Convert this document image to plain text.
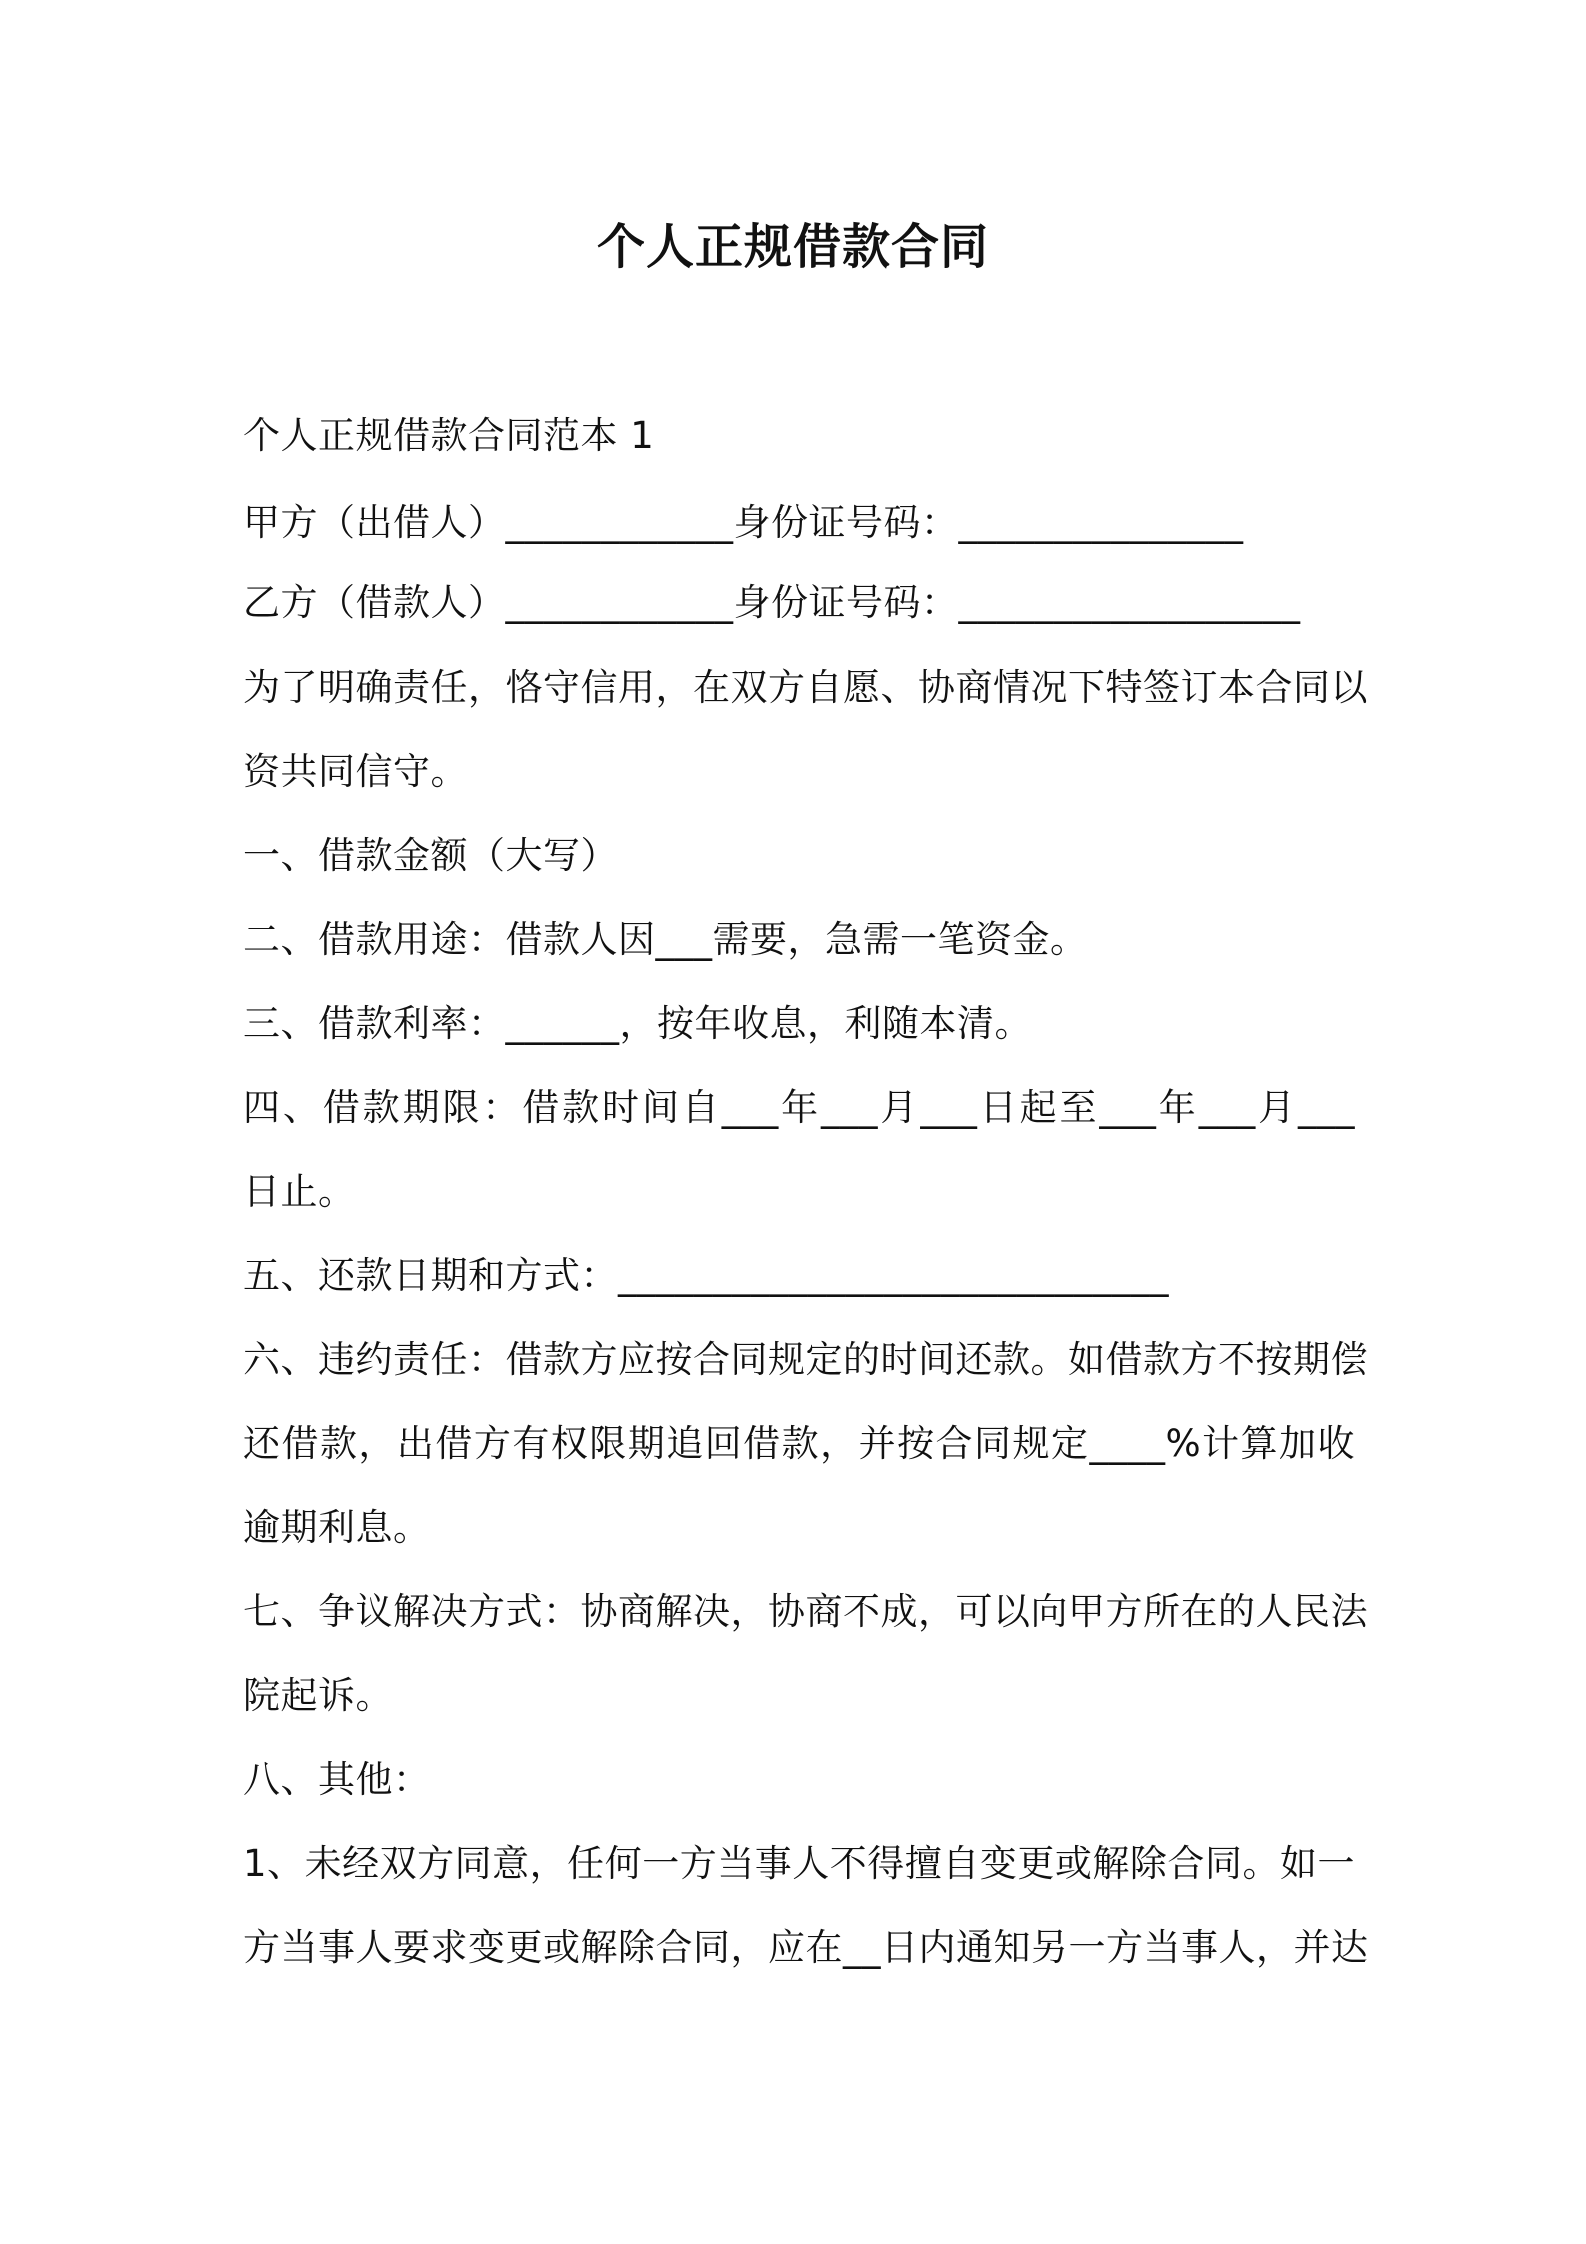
个人正规借款合同
个人正规借款合同范本 1
甲方（出借人）____________身份证号码：_______________
乙方（借款人）____________身份证号码：__________________
为了明确责任，恪守信用，在双方自愿、协商情况下特签订本合同以
资共同信守。
一、借款金额（大写）
二、借款用途：借款人因___需要，急需一笔资金。
三、借款利率：______，按年收息，利随本清。
四、借款期限：借款时间自___年___月___日起至___年___月___
日止。
五、还款日期和方式：_____________________________
六、违约责任：借款方应按合同规定的时间还款。如借款方不按期偿
还借款，出借方有权限期追回借款，并按合同规定____%计算加收
逾期利息。
七、争议解决方式：协商解决，协商不成，可以向甲方所在的人民法
院起诉。
八、其他：
1、未经双方同意，任何一方当事人不得擅自变更或解除合同。如一
方当事人要求变更或解除合同，应在__日内通知另一方当事人，并达
